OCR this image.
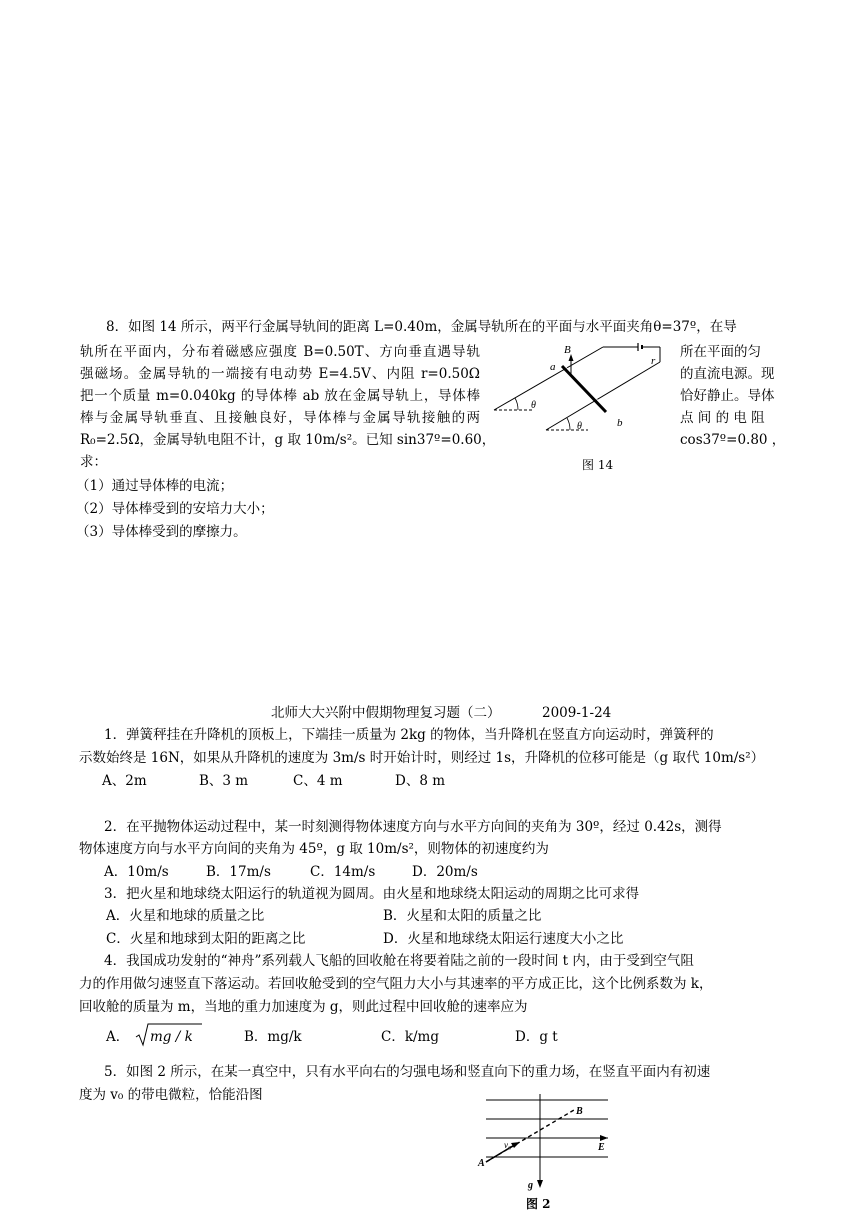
8．如图 14 所示，两平行金属导轨间的距离 L=0.40m，金属导轨所在的平面与水平面夹角θ=37º，在导
轨所在平面内，分布着磁感应强度 B=0.50T、方向垂直遇导轨	所在平面的匀
强磁场。金属导轨的一端接有电动势 E=4.5V、内阻 r=0.50Ω	的直流电源。现
把一个质量 m=0.040kg 的导体棒 ab 放在金属导轨上，导体棒	恰好静止。导体
棒与金属导轨垂直、且接触良好，导体棒与金属导轨接触的两	点 间 的 电 阻
R₀=2.5Ω，金属导轨电阻不计，g 取 10m/s²。已知 sin37º=0.60，	cos37º=0.80 ，
求：
（1）通过导体棒的电流；
（2）导体棒受到的安培力大小；
（3）导体棒受到的摩擦力。
B
a
b
r
θ
θ
图 14
北师大大兴附中假期物理复习题（二）	2009-1-24
1．弹簧秤挂在升降机的顶板上，下端挂一质量为 2kg 的物体，当升降机在竖直方向运动时，弹簧秤的
示数始终是 16N，如果从升降机的速度为 3m/s 时开始计时，则经过 1s，升降机的位移可能是（g 取代 10m/s²）
A、2m	B、3 m	C、4 m	D、8 m
2．在平抛物体运动过程中，某一时刻测得物体速度方向与水平方向间的夹角为 30º，经过 0.42s，测得
物体速度方向与水平方向间的夹角为 45º，g 取 10m/s²，则物体的初速度约为
A．10m/s	B．17m/s	C．14m/s	D．20m/s
3．把火星和地球绕太阳运行的轨道视为圆周。由火星和地球绕太阳运动的周期之比可求得
A．火星和地球的质量之比	B．火星和太阳的质量之比
C．火星和地球到太阳的距离之比	D．火星和地球绕太阳运行速度大小之比
4．我国成功发射的“神舟”系列载人飞船的回收舱在将要着陆之前的一段时间 t 内，由于受到空气阻
力的作用做匀速竖直下落运动。若回收舱受到的空气阻力大小与其速率的平方成正比，这个比例系数为 k，
回收舱的质量为 m，当地的重力加速度为 g，则此过程中回收舱的速率应为
A． mg / k	B．mg/k	C．k/mg	D．g t
5．如图 2 所示，在某一真空中，只有水平向右的匀强电场和竖直向下的重力场，在竖直平面内有初速
度为 v₀ 的带电微粒，恰能沿图
A
B
E
v₀
g
图 2
